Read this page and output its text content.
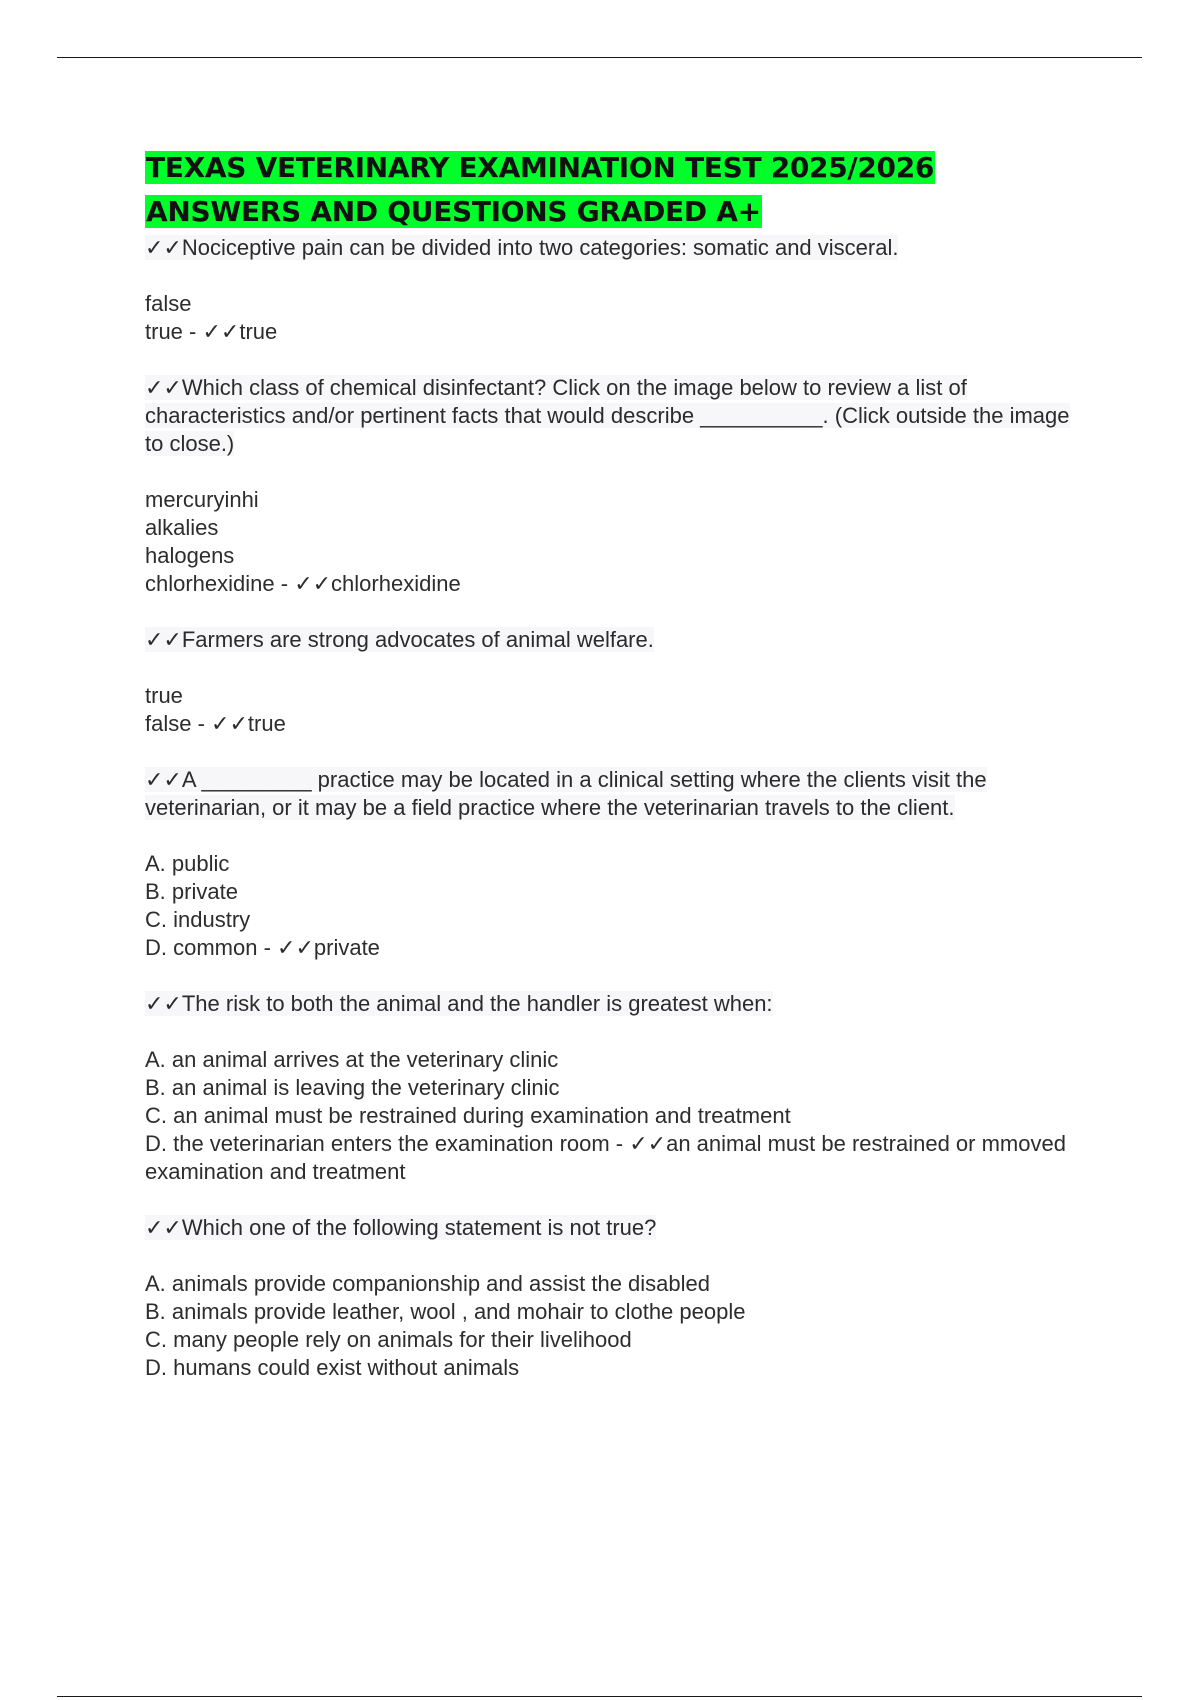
TEXAS VETERINARY EXAMINATION TEST 2025/2026
ANSWERS AND QUESTIONS GRADED A+

✓✓Nociceptive pain can be divided into two categories: somatic and visceral.

false
true - ✓✓true

✓✓Which class of chemical disinfectant? Click on the image below to review a list of characteristics and/or pertinent facts that would describe __________. (Click outside the image to close.)

mercuryinhi
alkalies
halogens
chlorhexidine - ✓✓chlorhexidine

✓✓Farmers are strong advocates of animal welfare.

true
false - ✓✓true

✓✓A _________ practice may be located in a clinical setting where the clients visit the veterinarian, or it may be a field practice where the veterinarian travels to the client.

A. public
B. private
C. industry
D. common - ✓✓private

✓✓The risk to both the animal and the handler is greatest when:

A. an animal arrives at the veterinary clinic
B. an animal is leaving the veterinary clinic
C. an animal must be restrained during examination and treatment
D. the veterinarian enters the examination room - ✓✓an animal must be restrained or mmoved examination and treatment

✓✓Which one of the following statement is not true?

A. animals provide companionship and assist the disabled
B. animals provide leather, wool , and mohair to clothe people
C. many people rely on animals for their livelihood
D. humans could exist without animals
